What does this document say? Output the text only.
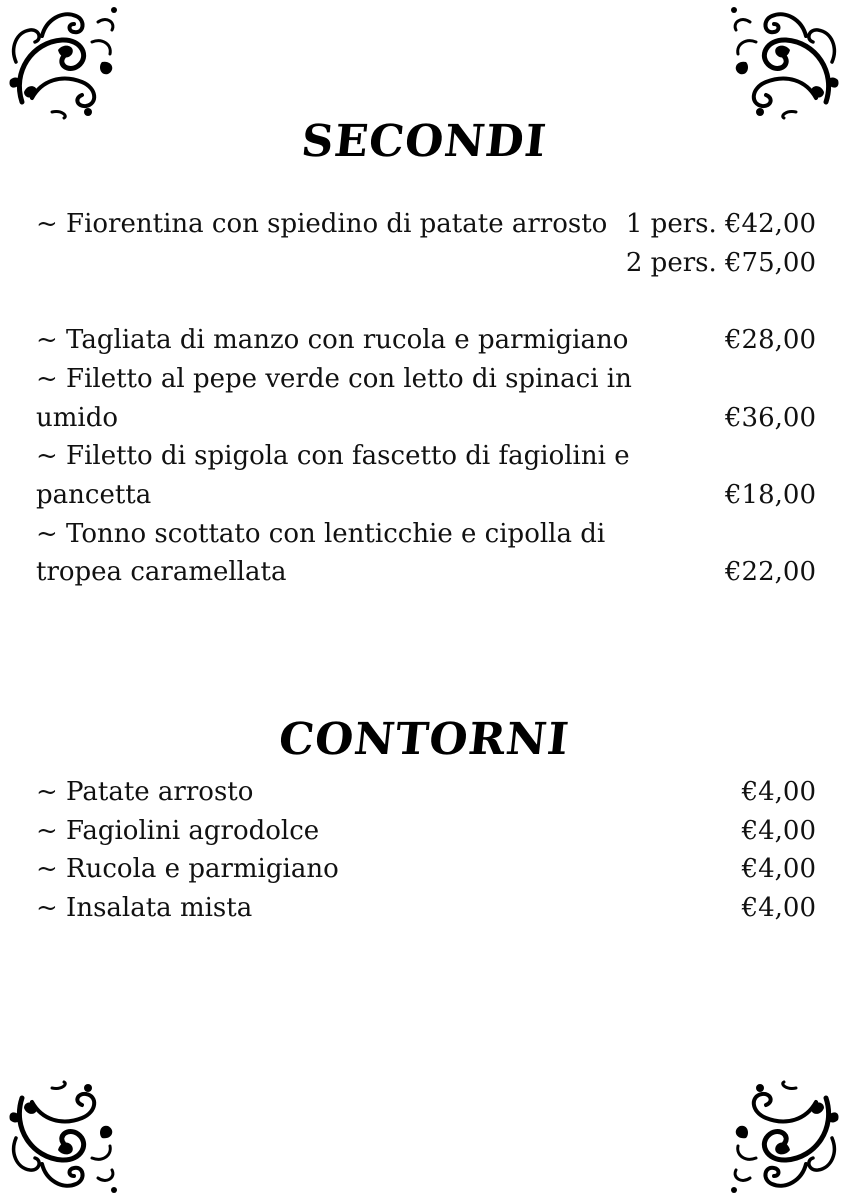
SECONDI
~ Fiorentina con spiedino di patate arrosto 1 pers. €42,00
2 pers. €75,00
~ Tagliata di manzo con rucola e parmigiano	€28,00
~ Filetto al pepe verde con letto di spinaci in
umido	€36,00
~ Filetto di spigola con fascetto di fagiolini e
pancetta	€18,00
~ Tonno scottato con lenticchie e cipolla di
tropea caramellata	€22,00
CONTORNI
~ Patate arrosto	€4,00
~ Fagiolini agrodolce	€4,00
~ Rucola e parmigiano	€4,00
~ Insalata mista	€4,00
